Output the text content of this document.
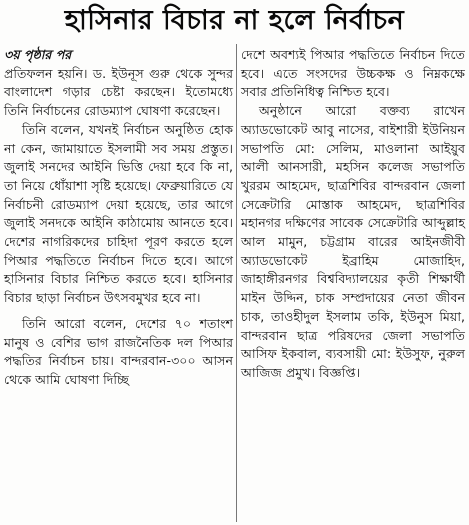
হাসিনার বিচার না হলে নির্বাচন

৩য় পৃষ্ঠার পর

প্রতিফলন হয়নি। ড. ইউনূস গুরু থেকে সুন্দর বাংলাদেশ গড়ার চেষ্টা করছেন। ইতোমধ্যে তিনি নির্বাচনের রোডম্যাপ ঘোষণা করেছেন।

তিনি বলেন, যখনই নির্বাচন অনুষ্ঠিত হোক না কেন, জামায়াতে ইসলামী সব সময় প্রস্তুত। জুলাই সনদের আইনি ভিত্তি দেয়া হবে কি না, তা নিয়ে ধোঁয়াশা সৃষ্টি হয়েছে। ফেব্রুয়ারিতে যে নির্বাচনী রোডম্যাপ দেয়া হয়েছে, তার আগে জুলাই সনদকে আইনি কাঠামোয় আনতে হবে। দেশের নাগরিকদের চাহিদা পূরণ করতে হলে পিআর পদ্ধতিতে নির্বাচন দিতে হবে। আগে হাসিনার বিচার নিশ্চিত করতে হবে। হাসিনার বিচার ছাড়া নির্বাচন উৎসবমুখর হবে না।

তিনি আরো বলেন, দেশের ৭০ শতাংশ মানুষ ও বেশির ভাগ রাজনৈতিক দল পিআর পদ্ধতির নির্বাচন চায়। বান্দরবান-৩০০ আসন থেকে আমি ঘোষণা দিচ্ছি

দেশে অবশ্যই পিআর পদ্ধতিতে নির্বাচন দিতে হবে। এতে সংসদের উচ্চকক্ষ ও নিম্নকক্ষে সবার প্রতিনিধিত্ব নিশ্চিত হবে।

অনুষ্ঠানে আরো বক্তব্য রাখেন অ্যাডভোকেট আবু নাসের, বাইশারী ইউনিয়ন সভাপতি মো: সেলিম, মাওলানা আইয়ুব আলী আনসারী, মহসিন কলেজ সভাপতি খুররম আহমেদ, ছাত্রশিবির বান্দরবান জেলা সেক্রেটারি মোস্তাক আহমেদ, ছাত্রশিবির মহানগর দক্ষিণের সাবেক সেক্রেটারি আব্দুল্লাহ আল মামুন, চট্টগ্রাম বারের আইনজীবী অ্যাডভোকেট ইব্রাহিম মোজাহিদ, জাহাঙ্গীরনগর বিশ্ববিদ্যালয়ের কৃতী শিক্ষার্থী মাইন উদ্দিন, চাক সম্প্রদায়ের নেতা জীবন চাক, তাওহীদুল ইসলাম তকি, ইউনুস মিয়া, বান্দরবান ছাত্র পরিষদের জেলা সভাপতি আসিফ ইকবাল, ব্যবসায়ী মো: ইউসুফ, নুরুল আজিজ প্রমুখ। বিজ্ঞপ্তি।
